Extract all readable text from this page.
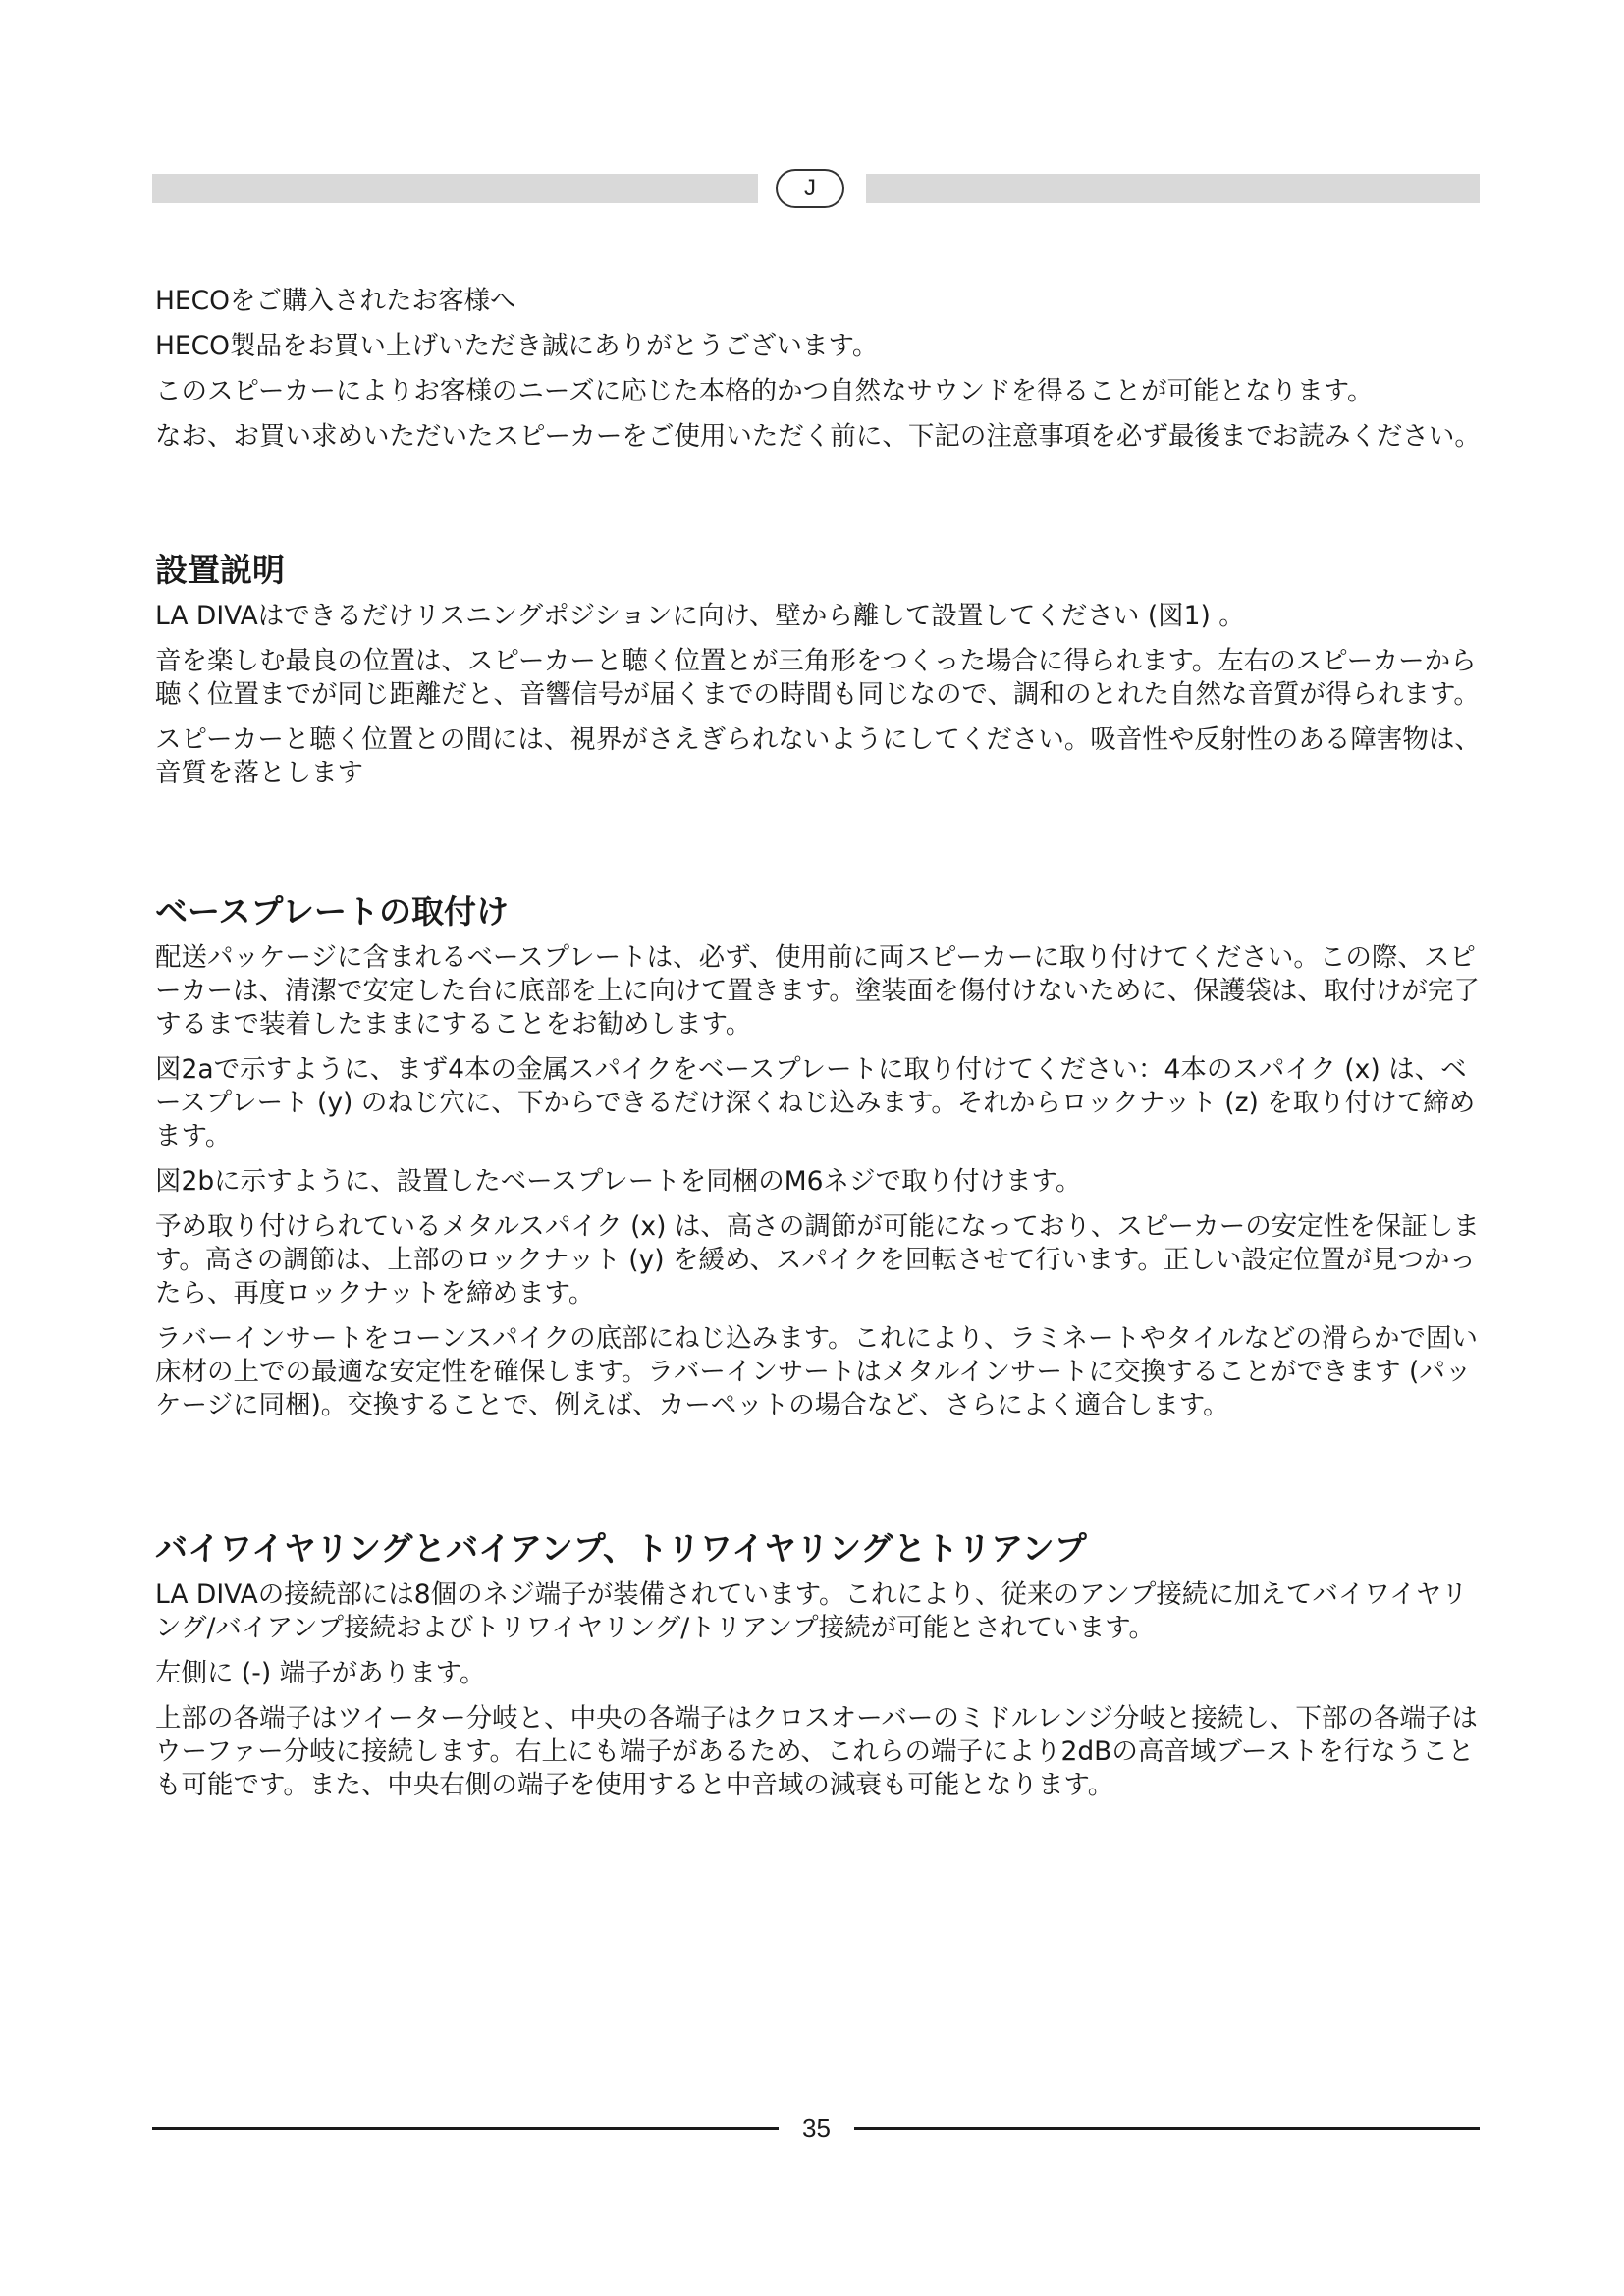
J

HECOをご購入されたお客様へ

HECO製品をお買い上げいただき誠にありがとうございます。

このスピーカーによりお客様のニーズに応じた本格的かつ自然なサウンドを得ることが可能となります。

なお、お買い求めいただいたスピーカーをご使用いただく前に、下記の注意事項を必ず最後までお読みください。

設置説明

LA DIVAはできるだけリスニングポジションに向け、壁から離して設置してください (図1) 。

音を楽しむ最良の位置は、スピーカーと聴く位置とが三角形をつくった場合に得られます。左右のスピーカーから聴く位置までが同じ距離だと、音響信号が届くまでの時間も同じなので、調和のとれた自然な音質が得られます。

スピーカーと聴く位置との間には、視界がさえぎられないようにしてください。吸音性や反射性のある障害物は、音質を落とします

ベースプレートの取付け

配送パッケージに含まれるベースプレートは、必ず、使用前に両スピーカーに取り付けてください。この際、スピーカーは、清潔で安定した台に底部を上に向けて置きます。塗装面を傷付けないために、保護袋は、取付けが完了するまで装着したままにすることをお勧めします。

図2aで示すように、まず4本の金属スパイクをベースプレートに取り付けてください：4本のスパイク (x) は、ベースプレート (y) のねじ穴に、下からできるだけ深くねじ込みます。それからロックナット (z) を取り付けて締めます。

図2bに示すように、設置したベースプレートを同梱のM6ネジで取り付けます。

予め取り付けられているメタルスパイク (x) は、高さの調節が可能になっており、スピーカーの安定性を保証します。高さの調節は、上部のロックナット (y) を緩め、スパイクを回転させて行います。正しい設定位置が見つかったら、再度ロックナットを締めます。

ラバーインサートをコーンスパイクの底部にねじ込みます。これにより、ラミネートやタイルなどの滑らかで固い床材の上での最適な安定性を確保します。ラバーインサートはメタルインサートに交換することができます (パッケージに同梱)。交換することで、例えば、カーペットの場合など、さらによく適合します。

バイワイヤリングとバイアンプ、トリワイヤリングとトリアンプ

LA DIVAの接続部には8個のネジ端子が装備されています。これにより、従来のアンプ接続に加えてバイワイヤリング/バイアンプ接続およびトリワイヤリング/トリアンプ接続が可能とされています。

左側に (-) 端子があります。

上部の各端子はツイーター分岐と、中央の各端子はクロスオーバーのミドルレンジ分岐と接続し、下部の各端子はウーファー分岐に接続します。右上にも端子があるため、これらの端子により2dBの高音域ブーストを行なうことも可能です。また、中央右側の端子を使用すると中音域の減衰も可能となります。

35
